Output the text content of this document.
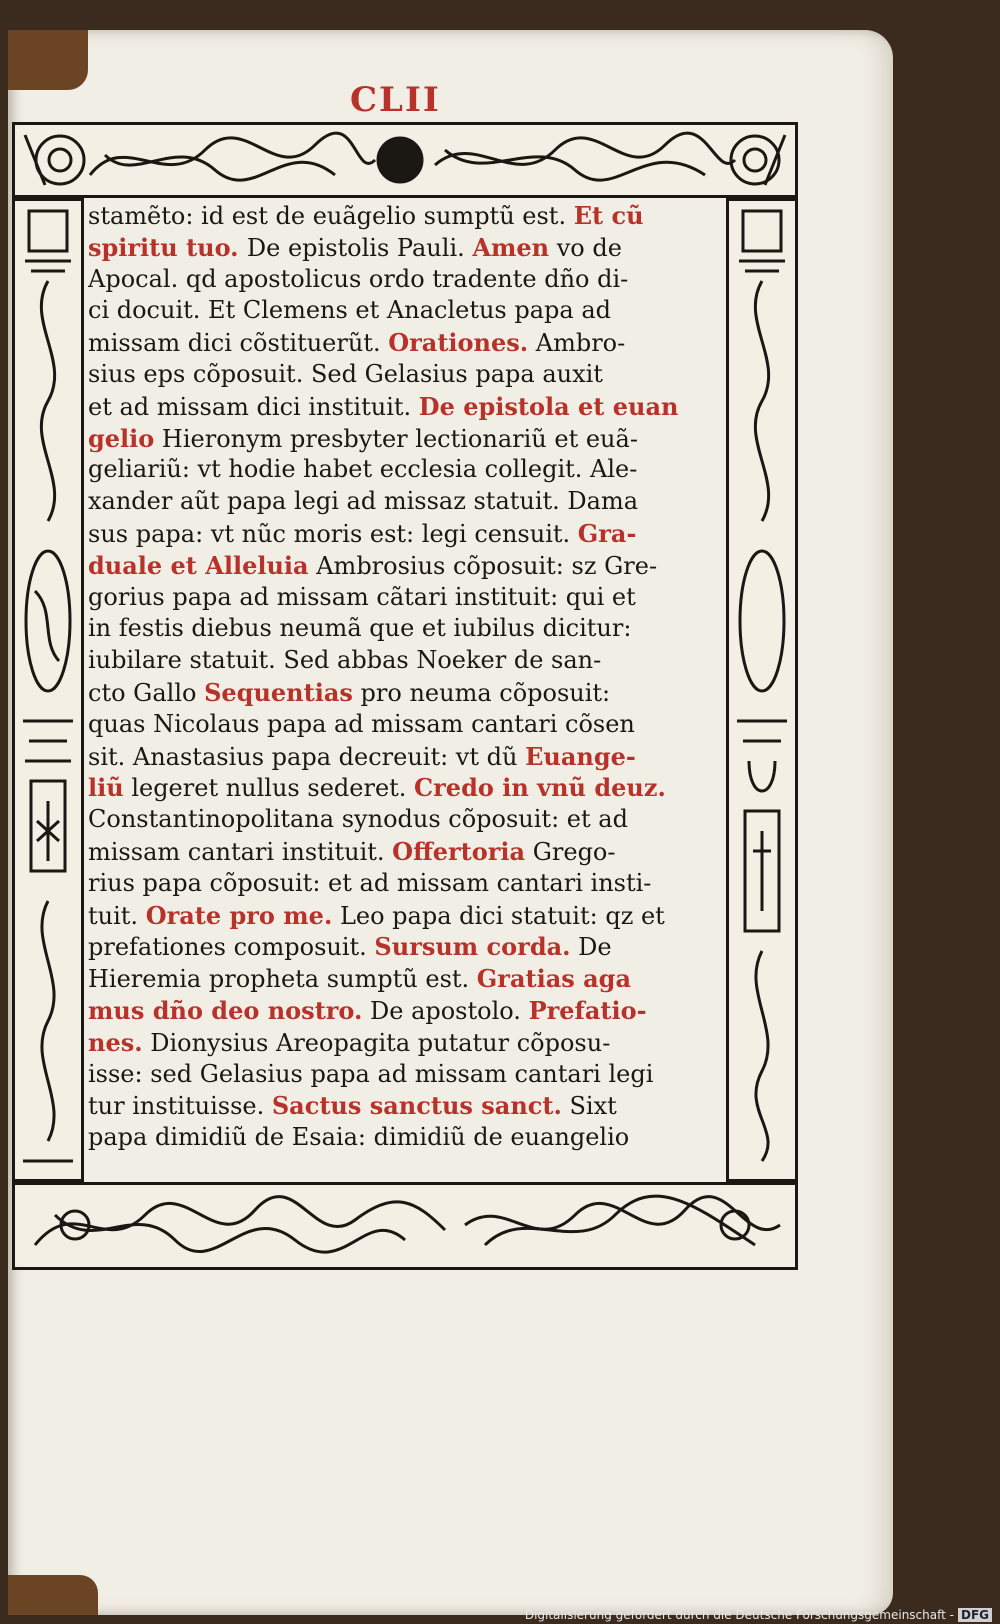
CLII
stamẽto: id est de euãgelio sumptũ est. Et cũ
spiritu tuo. De epistolis Pauli. Amen vo de
Apocal. qd apostolicus ordo tradente dño di-
ci docuit. Et Clemens et Anacletus papa ad
missam dici cõstituerũt. Orationes. Ambro-
sius eps cõposuit. Sed Gelasius papa auxit
et ad missam dici instituit. De epistola et euan
gelio Hieronym presbyter lectionariũ et euã-
geliariũ: vt hodie habet ecclesia collegit. Ale-
xander aũt papa legi ad missaz statuit. Dama
sus papa: vt nũc moris est: legi censuit. Gra-
duale et Alleluia Ambrosius cõposuit: sz Gre-
gorius papa ad missam cãtari instituit: qui et
in festis diebus neumã que et iubilus dicitur:
iubilare statuit. Sed abbas Noeker de san-
cto Gallo Sequentias pro neuma cõposuit:
quas Nicolaus papa ad missam cantari cõsen
sit. Anastasius papa decreuit: vt dũ Euange-
liũ legeret nullus sederet. Credo in vnũ deuz.
Constantinopolitana synodus cõposuit: et ad
missam cantari instituit. Offertoria Grego-
rius papa cõposuit: et ad missam cantari insti-
tuit. Orate pro me. Leo papa dici statuit: qz et
prefationes composuit. Sursum corda. De
Hieremia propheta sumptũ est. Gratias aga
mus dño deo nostro. De apostolo. Prefatio-
nes. Dionysius Areopagita putatur cõposu-
isse: sed Gelasius papa ad missam cantari legi
tur instituisse. Sactus sanctus sanct. Sixt
papa dimidiũ de Esaia: dimidiũ de euangelio
Digitalisierung gefördert durch die Deutsche Forschungsgemeinschaft - DFG
